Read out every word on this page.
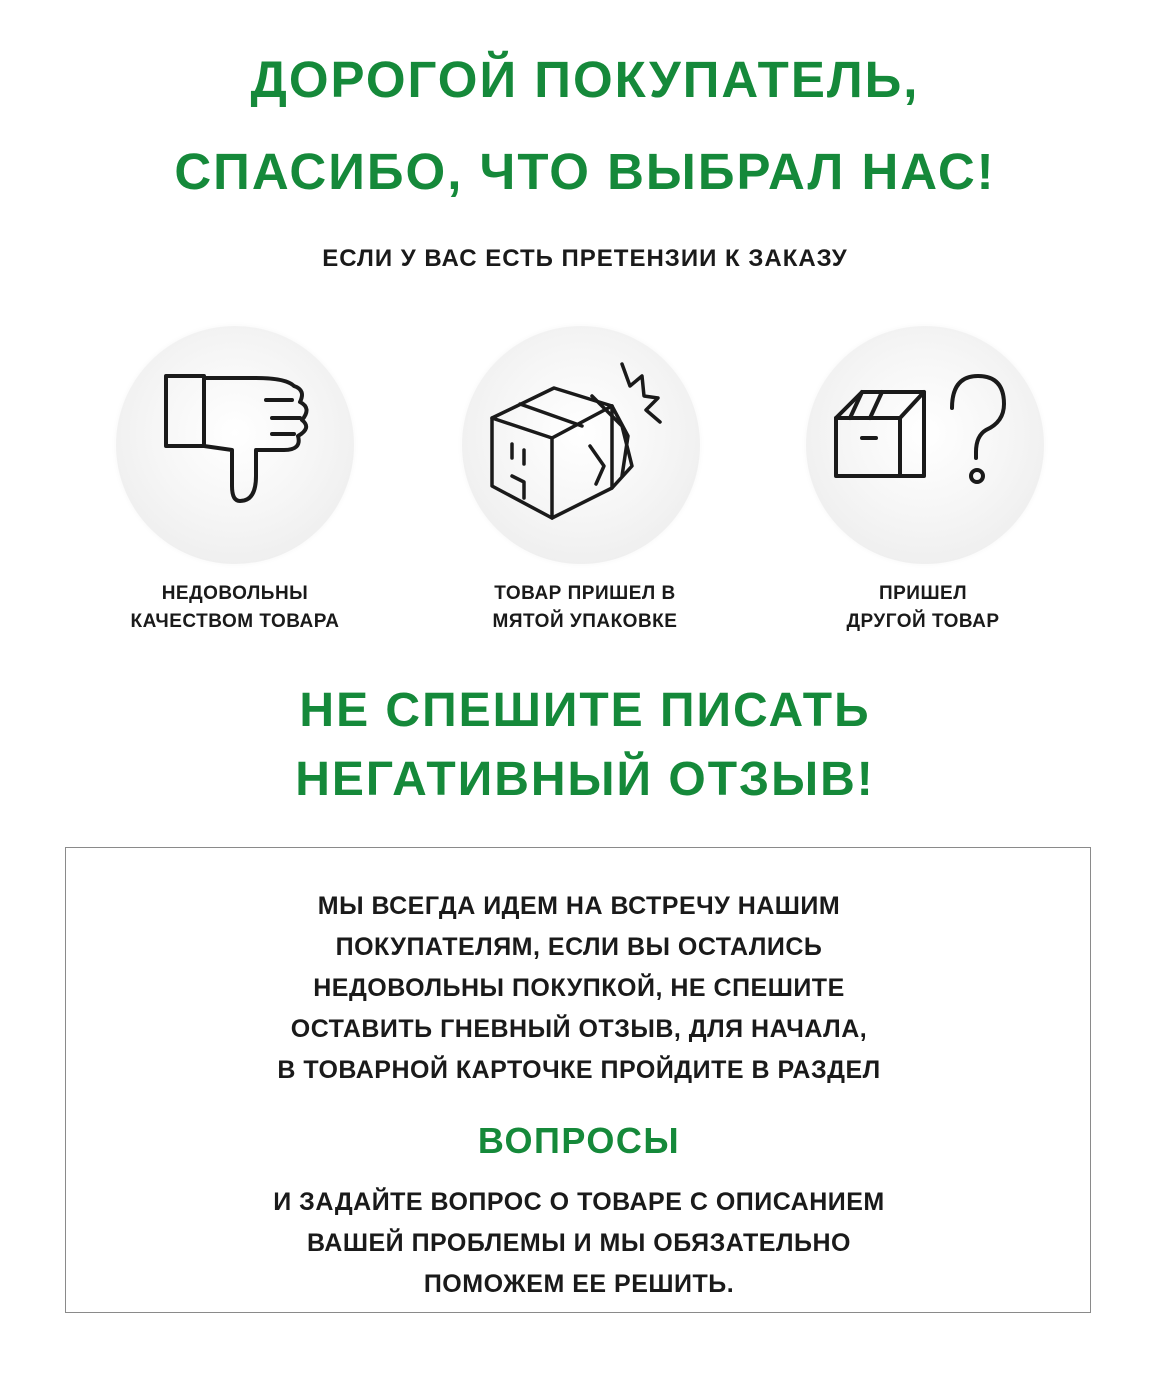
ДОРОГОЙ ПОКУПАТЕЛЬ,
СПАСИБО, ЧТО ВЫБРАЛ НАС!
ЕСЛИ У ВАС ЕСТЬ ПРЕТЕНЗИИ К ЗАКАЗУ
НЕДОВОЛЬНЫ
КАЧЕСТВОМ ТОВАРА
ТОВАР ПРИШЕЛ В
МЯТОЙ УПАКОВКЕ
ПРИШЕЛ
ДРУГОЙ ТОВАР
НЕ СПЕШИТЕ ПИСАТЬ
НЕГАТИВНЫЙ ОТЗЫВ!
МЫ ВСЕГДА ИДЕМ НА ВСТРЕЧУ НАШИМ
ПОКУПАТЕЛЯМ, ЕСЛИ ВЫ ОСТАЛИСЬ
НЕДОВОЛЬНЫ ПОКУПКОЙ, НЕ СПЕШИТЕ
ОСТАВИТЬ ГНЕВНЫЙ ОТЗЫВ, ДЛЯ НАЧАЛА,
В ТОВАРНОЙ КАРТОЧКЕ ПРОЙДИТЕ В РАЗДЕЛ
ВОПРОСЫ
И ЗАДАЙТЕ ВОПРОС О ТОВАРЕ С ОПИСАНИЕМ
ВАШЕЙ ПРОБЛЕМЫ И МЫ ОБЯЗАТЕЛЬНО
ПОМОЖЕМ ЕЕ РЕШИТЬ.
